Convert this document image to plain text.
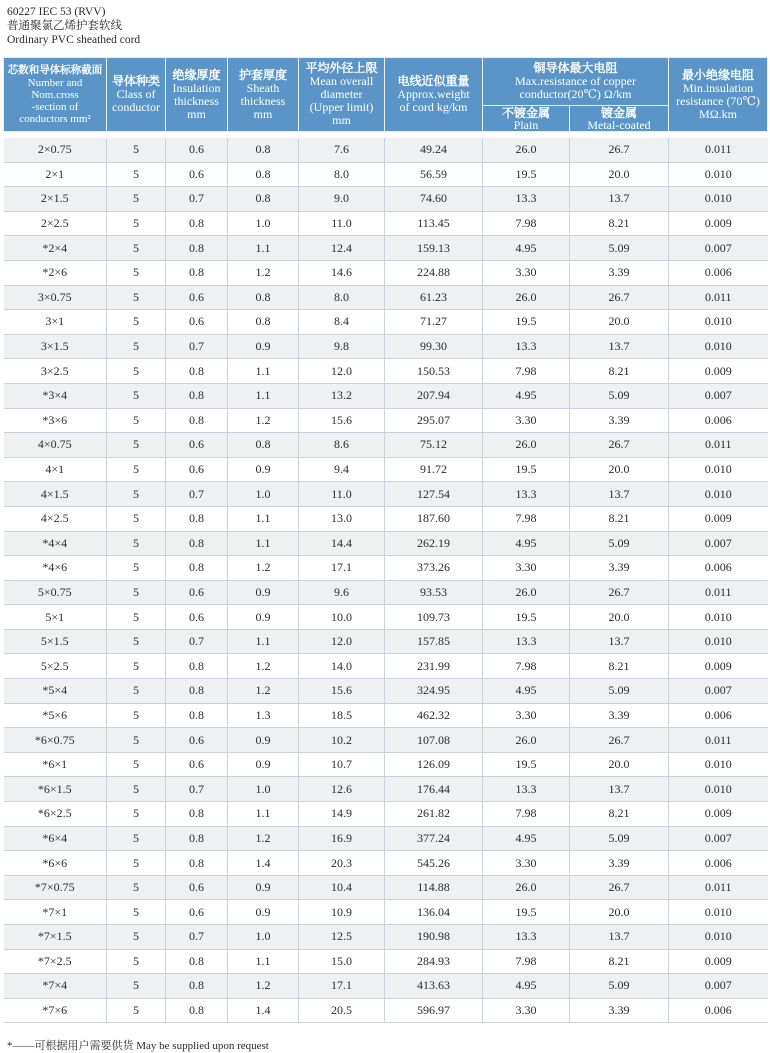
60227 IEC 53 (RVV)
普通聚氯乙烯护套软线
Ordinary PVC sheathed cord
芯数和导体标称截面
Number and
Nom.cross
-section of
conductors mm²	导体种类
Class of
conductor	绝缘厚度
Insulation
thickness
mm	护套厚度
Sheath
thickness
mm	平均外径上限
Mean overall
diameter
(Upper limit)
mm	电线近似重量
Approx.weight
of cord kg/km	铜导体最大电阻
Max.resistance of copper
conductor(20℃) Ω/km		最小绝缘电阻
Min.insulation
resistance (70℃)
MΩ.km

						不镀金属
Plain	镀金属
Metal-coated	

2×0.75	5	0.6	0.8	7.6	49.24	26.0	26.7	0.011
2×1	5	0.6	0.8	8.0	56.59	19.5	20.0	0.010
2×1.5	5	0.7	0.8	9.0	74.60	13.3	13.7	0.010
2×2.5	5	0.8	1.0	11.0	113.45	7.98	8.21	0.009
*2×4	5	0.8	1.1	12.4	159.13	4.95	5.09	0.007
*2×6	5	0.8	1.2	14.6	224.88	3.30	3.39	0.006
3×0.75	5	0.6	0.8	8.0	61.23	26.0	26.7	0.011
3×1	5	0.6	0.8	8.4	71.27	19.5	20.0	0.010
3×1.5	5	0.7	0.9	9.8	99.30	13.3	13.7	0.010
3×2.5	5	0.8	1.1	12.0	150.53	7.98	8.21	0.009
*3×4	5	0.8	1.1	13.2	207.94	4.95	5.09	0.007
*3×6	5	0.8	1.2	15.6	295.07	3.30	3.39	0.006
4×0.75	5	0.6	0.8	8.6	75.12	26.0	26.7	0.011
4×1	5	0.6	0.9	9.4	91.72	19.5	20.0	0.010
4×1.5	5	0.7	1.0	11.0	127.54	13.3	13.7	0.010
4×2.5	5	0.8	1.1	13.0	187.60	7.98	8.21	0.009
*4×4	5	0.8	1.1	14.4	262.19	4.95	5.09	0.007
*4×6	5	0.8	1.2	17.1	373.26	3.30	3.39	0.006
5×0.75	5	0.6	0.9	9.6	93.53	26.0	26.7	0.011
5×1	5	0.6	0.9	10.0	109.73	19.5	20.0	0.010
5×1.5	5	0.7	1.1	12.0	157.85	13.3	13.7	0.010
5×2.5	5	0.8	1.2	14.0	231.99	7.98	8.21	0.009
*5×4	5	0.8	1.2	15.6	324.95	4.95	5.09	0.007
*5×6	5	0.8	1.3	18.5	462.32	3.30	3.39	0.006
*6×0.75	5	0.6	0.9	10.2	107.08	26.0	26.7	0.011
*6×1	5	0.6	0.9	10.7	126.09	19.5	20.0	0.010
*6×1.5	5	0.7	1.0	12.6	176.44	13.3	13.7	0.010
*6×2.5	5	0.8	1.1	14.9	261.82	7.98	8.21	0.009
*6×4	5	0.8	1.2	16.9	377.24	4.95	5.09	0.007
*6×6	5	0.8	1.4	20.3	545.26	3.30	3.39	0.006
*7×0.75	5	0.6	0.9	10.4	114.88	26.0	26.7	0.011
*7×1	5	0.6	0.9	10.9	136.04	19.5	20.0	0.010
*7×1.5	5	0.7	1.0	12.5	190.98	13.3	13.7	0.010
*7×2.5	5	0.8	1.1	15.0	284.93	7.98	8.21	0.009
*7×4	5	0.8	1.2	17.1	413.63	4.95	5.09	0.007
*7×6	5	0.8	1.4	20.5	596.97	3.30	3.39	0.006
*——可根据用户需要供货 May be supplied upon request
